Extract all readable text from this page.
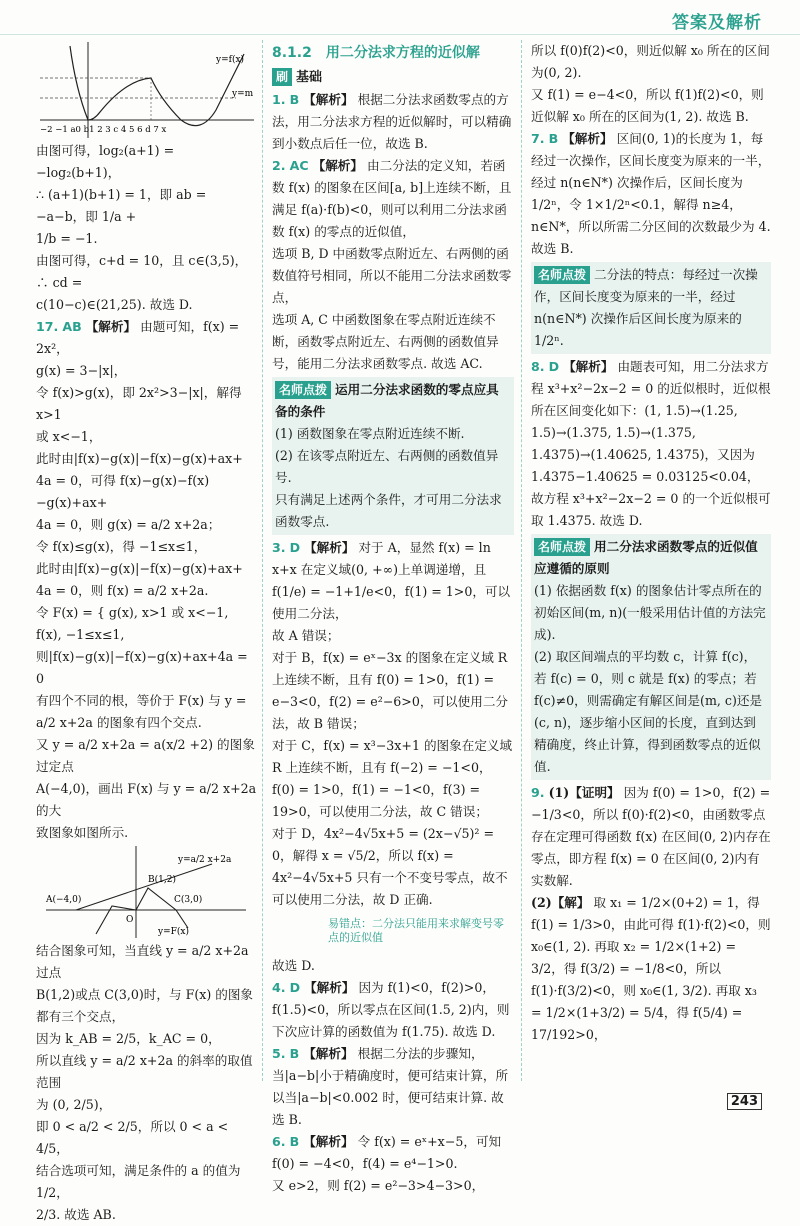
答案及解析
y=f(x)
y=m
−2 −1 a0 b1 2 3 c 4 5 6 d 7 x

由图可得，log₂(a+1) = −log₂(b+1)，

∴ (a+1)(b+1) = 1，即 ab = −a−b，即 1/a +

1/b = −1.

由图可得，c+d = 10，且 c∈(3,5)，∴ cd =

c(10−c)∈(21,25). 故选 D.

17. AB 【解析】 由题可知，f(x) = 2x²，

g(x) = 3−|x|，

令 f(x)>g(x)，即 2x²>3−|x|，解得 x>1

或 x<−1，

此时由|f(x)−g(x)|−f(x)−g(x)+ax+

4a = 0，可得 f(x)−g(x)−f(x)−g(x)+ax+

4a = 0，则 g(x) = a/2 x+2a；

令 f(x)≤g(x)，得 −1≤x≤1，

此时由|f(x)−g(x)|−f(x)−g(x)+ax+

4a = 0，则 f(x) = a/2 x+2a.

令 F(x) = { g(x), x>1 或 x<−1,

f(x), −1≤x≤1,

则|f(x)−g(x)|−f(x)−g(x)+ax+4a = 0

有四个不同的根，等价于 F(x) 与 y =

a/2 x+2a 的图象有四个交点.

又 y = a/2 x+2a = a(x/2 +2) 的图象过定点

A(−4,0)，画出 F(x) 与 y = a/2 x+2a 的大

致图象如图所示.

y=a/2 x+2a
A(−4,0)
B(1,2)
C(3,0)
O
y=F(x)

结合图象可知，当直线 y = a/2 x+2a 过点

B(1,2)或点 C(3,0)时，与 F(x) 的图象

都有三个交点，

因为 k_AB = 2/5，k_AC = 0，

所以直线 y = a/2 x+2a 的斜率的取值范围

为 (0, 2/5)，

即 0 < a/2 < 2/5，所以 0 < a < 4/5，

结合选项可知，满足条件的 a 的值为 1/2，

2/3. 故选 AB.

8.1.2　用二分法求方程的近似解

刷 基础

1. B 【解析】 根据二分法求函数零点的方法，用二分法求方程的近似解时，可以精确到小数点后任一位，故选 B.

2. AC 【解析】 由二分法的定义知，若函数 f(x) 的图象在区间[a, b]上连续不断，且满足 f(a)·f(b)<0，则可以利用二分法求函数 f(x) 的零点的近似值，

选项 B, D 中函数零点附近左、右两侧的函数值符号相同，所以不能用二分法求函数零点，

选项 A, C 中函数图象在零点附近连续不断，函数零点附近左、右两侧的函数值异号，能用二分法求函数零点. 故选 AC.

名师点拨 运用二分法求函数的零点应具备的条件

(1) 函数图象在零点附近连续不断.

(2) 在该零点附近左、右两侧的函数值异号.

只有满足上述两个条件，才可用二分法求函数零点.

3. D 【解析】 对于 A，显然 f(x) = ln x+x 在定义域(0, +∞)上单调递增，且 f(1/e) = −1+1/e<0，f(1) = 1>0，可以使用二分法，

故 A 错误；

对于 B，f(x) = eˣ−3x 的图象在定义域 R 上连续不断，且有 f(0) = 1>0，f(1) = e−3<0，f(2) = e²−6>0，可以使用二分法，故 B 错误；

对于 C，f(x) = x³−3x+1 的图象在定义域 R 上连续不断，且有 f(−2) = −1<0，f(0) = 1>0，f(1) = −1<0，f(3) = 19>0，可以使用二分法，故 C 错误；

对于 D，4x²−4√5x+5 = (2x−√5)² = 0，解得 x = √5/2，所以 f(x) = 4x²−4√5x+5 只有一个不变号零点，故不可以使用二分法，故 D 正确.

易错点：二分法只能用来求解变号零点的近似值

故选 D.

4. D 【解析】 因为 f(1)<0，f(2)>0，f(1.5)<0，所以零点在区间(1.5, 2)内，则下次应计算的函数值为 f(1.75). 故选 D.

5. B 【解析】 根据二分法的步骤知，当|a−b|小于精确度时，便可结束计算，所以当|a−b|<0.002 时，便可结束计算. 故选 B.

6. B 【解析】 令 f(x) = eˣ+x−5，可知 f(0) = −4<0，f(4) = e⁴−1>0.

又 e>2，则 f(2) = e²−3>4−3>0，

所以 f(0)f(2)<0，则近似解 x₀ 所在的区间为(0, 2).

又 f(1) = e−4<0，所以 f(1)f(2)<0，则近似解 x₀ 所在的区间为(1, 2). 故选 B.

7. B 【解析】 区间(0, 1)的长度为 1，每经过一次操作，区间长度变为原来的一半，经过 n(n∈N*) 次操作后，区间长度为 1/2ⁿ，令 1×1/2ⁿ<0.1，解得 n≥4，n∈N*，所以所需二分区间的次数最少为 4. 故选 B.

名师点拨 二分法的特点：每经过一次操作，区间长度变为原来的一半，经过 n(n∈N*) 次操作后区间长度为原来的 1/2ⁿ.

8. D 【解析】 由题表可知，用二分法求方程 x³+x²−2x−2 = 0 的近似根时，近似根所在区间变化如下：(1, 1.5)→(1.25, 1.5)→(1.375, 1.5)→(1.375, 1.4375)→(1.40625, 1.4375)，又因为 1.4375−1.40625 = 0.03125<0.04，故方程 x³+x²−2x−2 = 0 的一个近似根可取 1.4375. 故选 D.

名师点拨 用二分法求函数零点的近似值应遵循的原则

(1) 依据函数 f(x) 的图象估计零点所在的初始区间(m, n)(一般采用估计值的方法完成).

(2) 取区间端点的平均数 c，计算 f(c)，若 f(c) = 0，则 c 就是 f(x) 的零点；若 f(c)≠0，则需确定有解区间是(m, c)还是(c, n)，逐步缩小区间的长度，直到达到精确度，终止计算，得到函数零点的近似值.

9. (1)【证明】 因为 f(0) = 1>0，f(2) = −1/3<0，所以 f(0)·f(2)<0，由函数零点存在定理可得函数 f(x) 在区间(0, 2)内存在零点，即方程 f(x) = 0 在区间(0, 2)内有实数解.

(2)【解】 取 x₁ = 1/2×(0+2) = 1，得 f(1) = 1/3>0，由此可得 f(1)·f(2)<0，则 x₀∈(1, 2). 再取 x₂ = 1/2×(1+2) = 3/2，得 f(3/2) = −1/8<0，所以 f(1)·f(3/2)<0，则 x₀∈(1, 3/2). 再取 x₃ = 1/2×(1+3/2) = 5/4，得 f(5/4) = 17/192>0，

243
